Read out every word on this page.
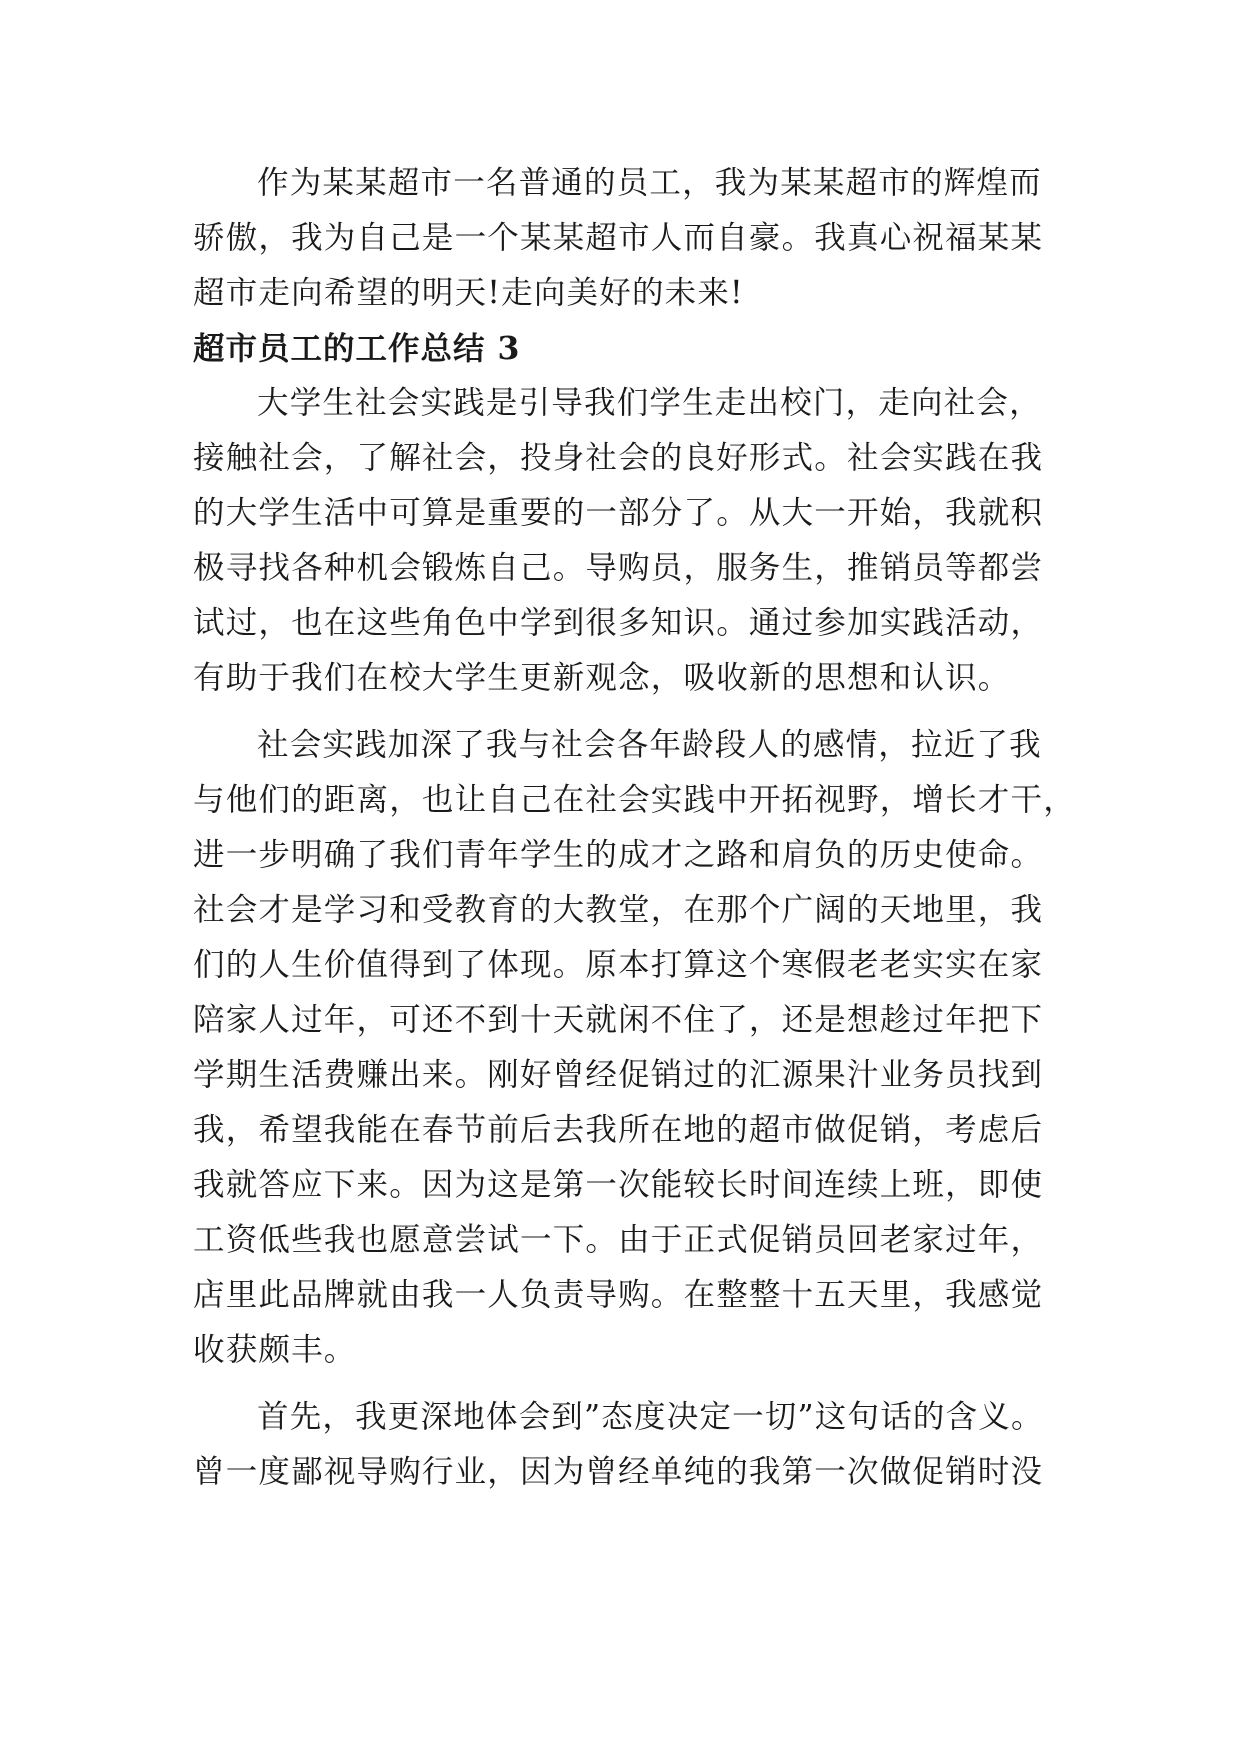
作为某某超市一名普通的员工，我为某某超市的辉煌而
骄傲，我为自己是一个某某超市人而自豪。我真心祝福某某
超市走向希望的明天!走向美好的未来!

超市员工的工作总结 3

大学生社会实践是引导我们学生走出校门，走向社会，
接触社会，了解社会，投身社会的良好形式。社会实践在我
的大学生活中可算是重要的一部分了。从大一开始，我就积
极寻找各种机会锻炼自己。导购员，服务生，推销员等都尝
试过，也在这些角色中学到很多知识。通过参加实践活动，
有助于我们在校大学生更新观念，吸收新的思想和认识。

社会实践加深了我与社会各年龄段人的感情，拉近了我
与他们的距离，也让自己在社会实践中开拓视野，增长才干，
进一步明确了我们青年学生的成才之路和肩负的历史使命。
社会才是学习和受教育的大教堂，在那个广阔的天地里，我
们的人生价值得到了体现。原本打算这个寒假老老实实在家
陪家人过年，可还不到十天就闲不住了，还是想趁过年把下
学期生活费赚出来。刚好曾经促销过的汇源果汁业务员找到
我，希望我能在春节前后去我所在地的超市做促销，考虑后
我就答应下来。因为这是第一次能较长时间连续上班，即使
工资低些我也愿意尝试一下。由于正式促销员回老家过年，
店里此品牌就由我一人负责导购。在整整十五天里，我感觉
收获颇丰。

首先，我更深地体会到”态度决定一切”这句话的含义。
曾一度鄙视导购行业，因为曾经单纯的我第一次做促销时没
